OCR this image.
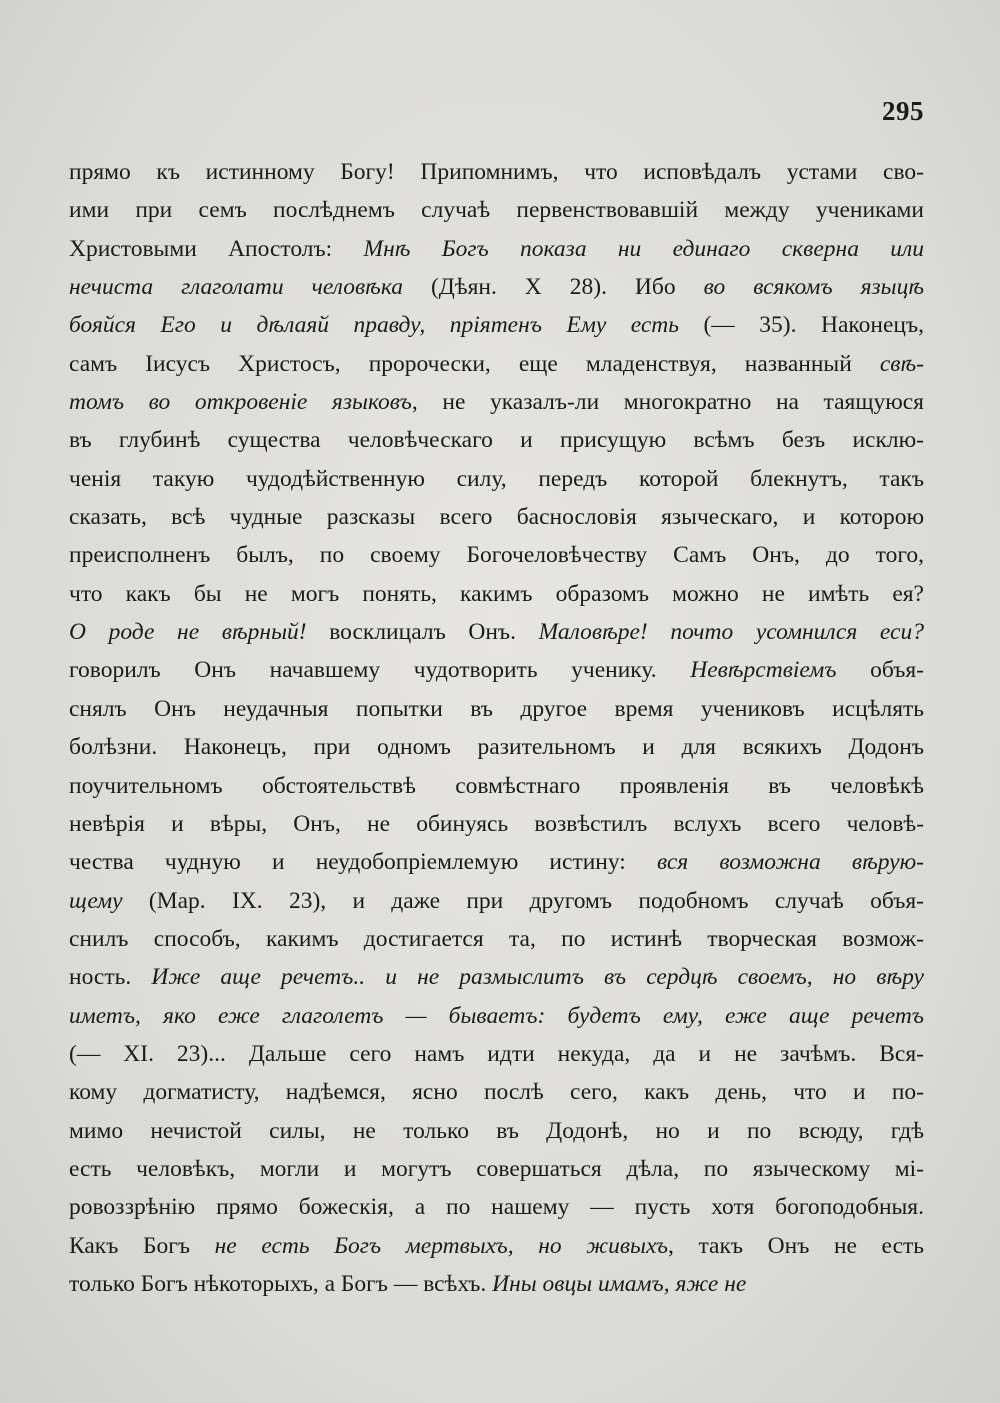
295
прямо къ истинному Богу! Припомнимъ, что исповѣдалъ устами сво-
ими при семъ послѣднемъ случаѣ первенствовавшій между учениками
Христовыми Апостолъ: Мнѣ Богъ показа ни единаго скверна или
нечиста глаголати человѣка (Дѣян. X 28). Ибо во всякомъ языцѣ
бояйся Его и дѣлаяй правду, пріятенъ Ему есть (— 35). Наконецъ,
самъ Іисусъ Христосъ, пророчески, еще младенствуя, названный свѣ-
томъ во откровеніе языковъ, не указалъ-ли многократно на таящуюся
въ глубинѣ существа человѣческаго и присущую всѣмъ безъ исклю-
ченія такую чудодѣйственную силу, передъ которой блекнутъ, такъ
сказать, всѣ чудные разсказы всего баснословія языческаго, и которою
преисполненъ былъ, по своему Богочеловѣчеству Самъ Онъ, до того,
что какъ бы не могъ понять, какимъ образомъ можно не имѣть ея?
О роде не вѣрный! восклицалъ Онъ. Маловѣре! почто усомнился еси?
говорилъ Онъ начавшему чудотворить ученику. Невѣрствіемъ объя-
снялъ Онъ неудачныя попытки въ другое время учениковъ исцѣлять
болѣзни. Наконецъ, при одномъ разительномъ и для всякихъ Додонъ
поучительномъ обстоятельствѣ совмѣстнаго проявленія въ человѣкѣ
невѣрія и вѣры, Онъ, не обинуясь возвѣстилъ вслухъ всего человѣ-
чества чудную и неудобопріемлемую истину: вся возможна вѣрую-
щему (Мар. IX. 23), и даже при другомъ подобномъ случаѣ объя-
снилъ способъ, какимъ достигается та, по истинѣ творческая возмож-
ность. Иже аще речетъ.. и не размыслитъ въ сердцѣ своемъ, но вѣру
иметъ, яко еже глаголетъ — бываетъ: будетъ ему, еже аще речетъ
(— XI. 23)... Дальше сего намъ идти некуда, да и не зачѣмъ. Вся-
кому догматисту, надѣемся, ясно послѣ сего, какъ день, что и по-
мимо нечистой силы, не только въ Додонѣ, но и по всюду, гдѣ
есть человѣкъ, могли и могутъ совершаться дѣла, по языческому мі-
ровоззрѣнію прямо божескія, а по нашему — пусть хотя богоподобныя.
Какъ Богъ не есть Богъ мертвыхъ, но живыхъ, такъ Онъ не есть
только Богъ нѣкоторыхъ, а Богъ — всѣхъ. Ины овцы имамъ, яже не
